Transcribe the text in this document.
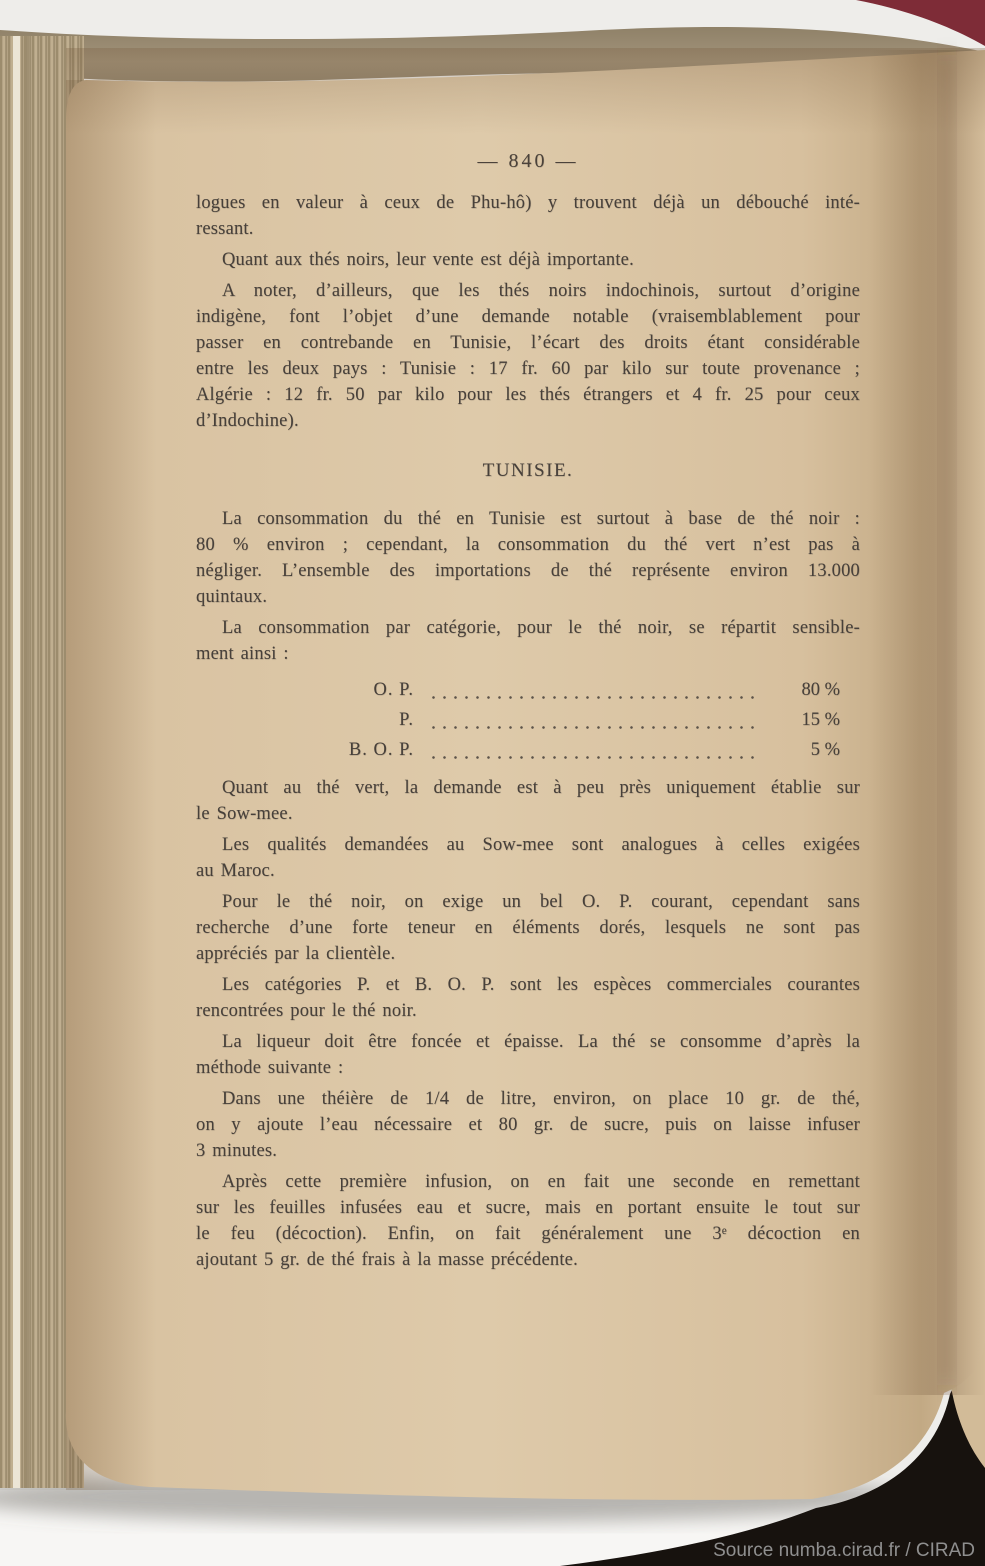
— 840 —
logues en valeur à ceux de Phu-hô) y trouvent déjà un débouché inté-
ressant.
Quant aux thés noirs, leur vente est déjà importante.
A noter, d’ailleurs, que les thés noirs indochinois, surtout d’origine
indigène, font l’objet d’une demande notable (vraisemblablement pour
passer en contrebande en Tunisie, l’écart des droits étant considérable
entre les deux pays : Tunisie : 17 fr. 60 par kilo sur toute provenance ;
Algérie : 12 fr. 50 par kilo pour les thés étrangers et 4 fr. 25 pour ceux
d’Indochine).
TUNISIE.
La consommation du thé en Tunisie est surtout à base de thé noir :
80 % environ ; cependant, la consommation du thé vert n’est pas à
négliger. L’ensemble des importations de thé représente environ 13.000
quintaux.
La consommation par catégorie, pour le thé noir, se répartit sensible-
ment ainsi :
O. P.	80 %
P.	15 %
B. O. P.	5 %
Quant au thé vert, la demande est à peu près uniquement établie sur
le Sow-mee.
Les qualités demandées au Sow-mee sont analogues à celles exigées
au Maroc.
Pour le thé noir, on exige un bel O. P. courant, cependant sans
recherche d’une forte teneur en éléments dorés, lesquels ne sont pas
appréciés par la clientèle.
Les catégories P. et B. O. P. sont les espèces commerciales courantes
rencontrées pour le thé noir.
La liqueur doit être foncée et épaisse. La thé se consomme d’après la
méthode suivante :
Dans une théière de 1/4 de litre, environ, on place 10 gr. de thé,
on y ajoute l’eau nécessaire et 80 gr. de sucre, puis on laisse infuser
3 minutes.
Après cette première infusion, on en fait une seconde en remettant
sur les feuilles infusées eau et sucre, mais en portant ensuite le tout sur
le feu (décoction). Enfin, on fait généralement une 3ᵉ décoction en
ajoutant 5 gr. de thé frais à la masse précédente.
Source numba.cirad.fr / CIRAD
